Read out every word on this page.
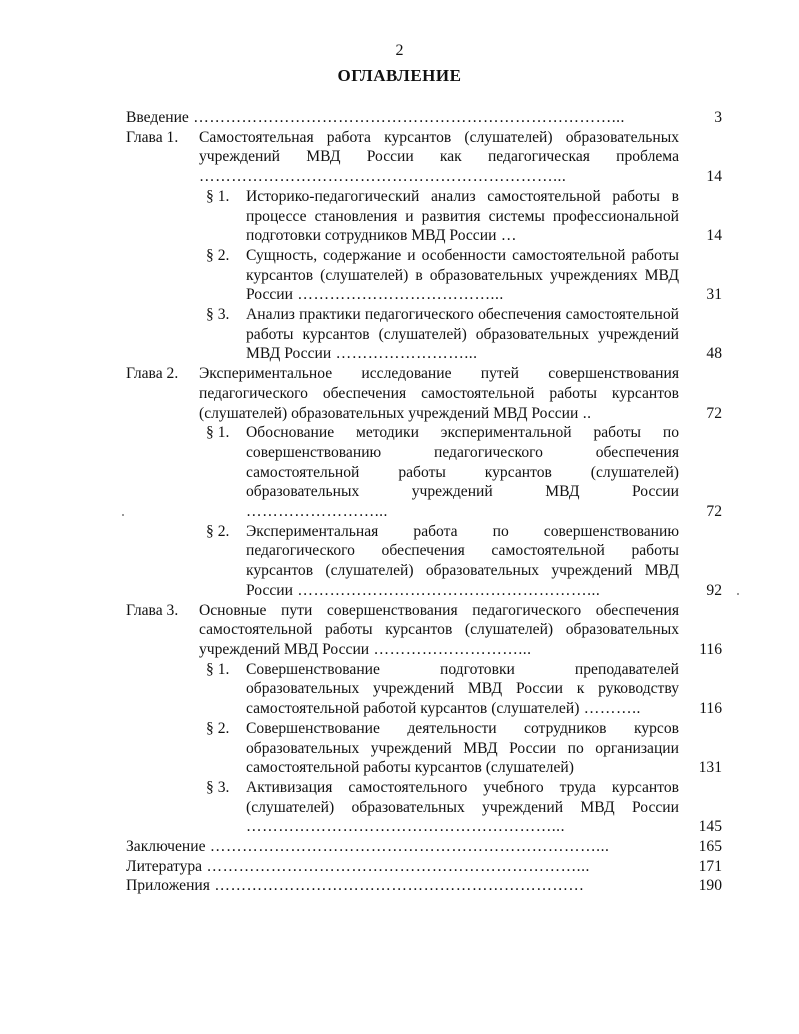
2
ОГЛАВЛЕНИЕ
Введение ……………………………………………………………………...	3
Глава 1. Самостоятельная работа курсантов (слушателей) образовательных учреждений МВД России как педагогическая проблема …………………………………………………………...	14
§ 1. Историко-педагогический анализ самостоятельной работы в процессе становления и развития системы профессиональной подготовки сотрудников МВД России …	14
§ 2. Сущность, содержание и особенности самостоятельной работы курсантов (слушателей) в образовательных учреждениях МВД России ………………………………...	31
§ 3. Анализ практики педагогического обеспечения самостоятельной работы курсантов (слушателей) образовательных учреждений МВД России ……………………...	48
Глава 2. Экспериментальное исследование путей совершенствования педагогического обеспечения самостоятельной работы курсантов (слушателей) образовательных учреждений МВД России ..	72
§ 1. Обоснование методики экспериментальной работы по совершенствованию педагогического обеспечения самостоятельной работы курсантов (слушателей) образовательных учреждений МВД России ……………………...	72
§ 2. Экспериментальная работа по совершенствованию педагогического обеспечения самостоятельной работы курсантов (слушателей) образовательных учреждений МВД России ………………………………………………...	92
Глава 3. Основные пути совершенствования педагогического обеспечения самостоятельной работы курсантов (слушателей) образовательных учреждений МВД России ………………………...	116
§ 1. Совершенствование подготовки преподавателей образовательных учреждений МВД России к руководству самостоятельной работой курсантов (слушателей) ………..	116
§ 2. Совершенствование деятельности сотрудников курсов образовательных учреждений МВД России по организации самостоятельной работы курсантов (слушателей)	131
§ 3. Активизация самостоятельного учебного труда курсантов (слушателей) образовательных учреждений МВД России …………………………………………………...	145
Заключение ………………………………………………………………...	165
Литература ……………………………………………………………...	171
Приложения ……………………………………………………………	190
